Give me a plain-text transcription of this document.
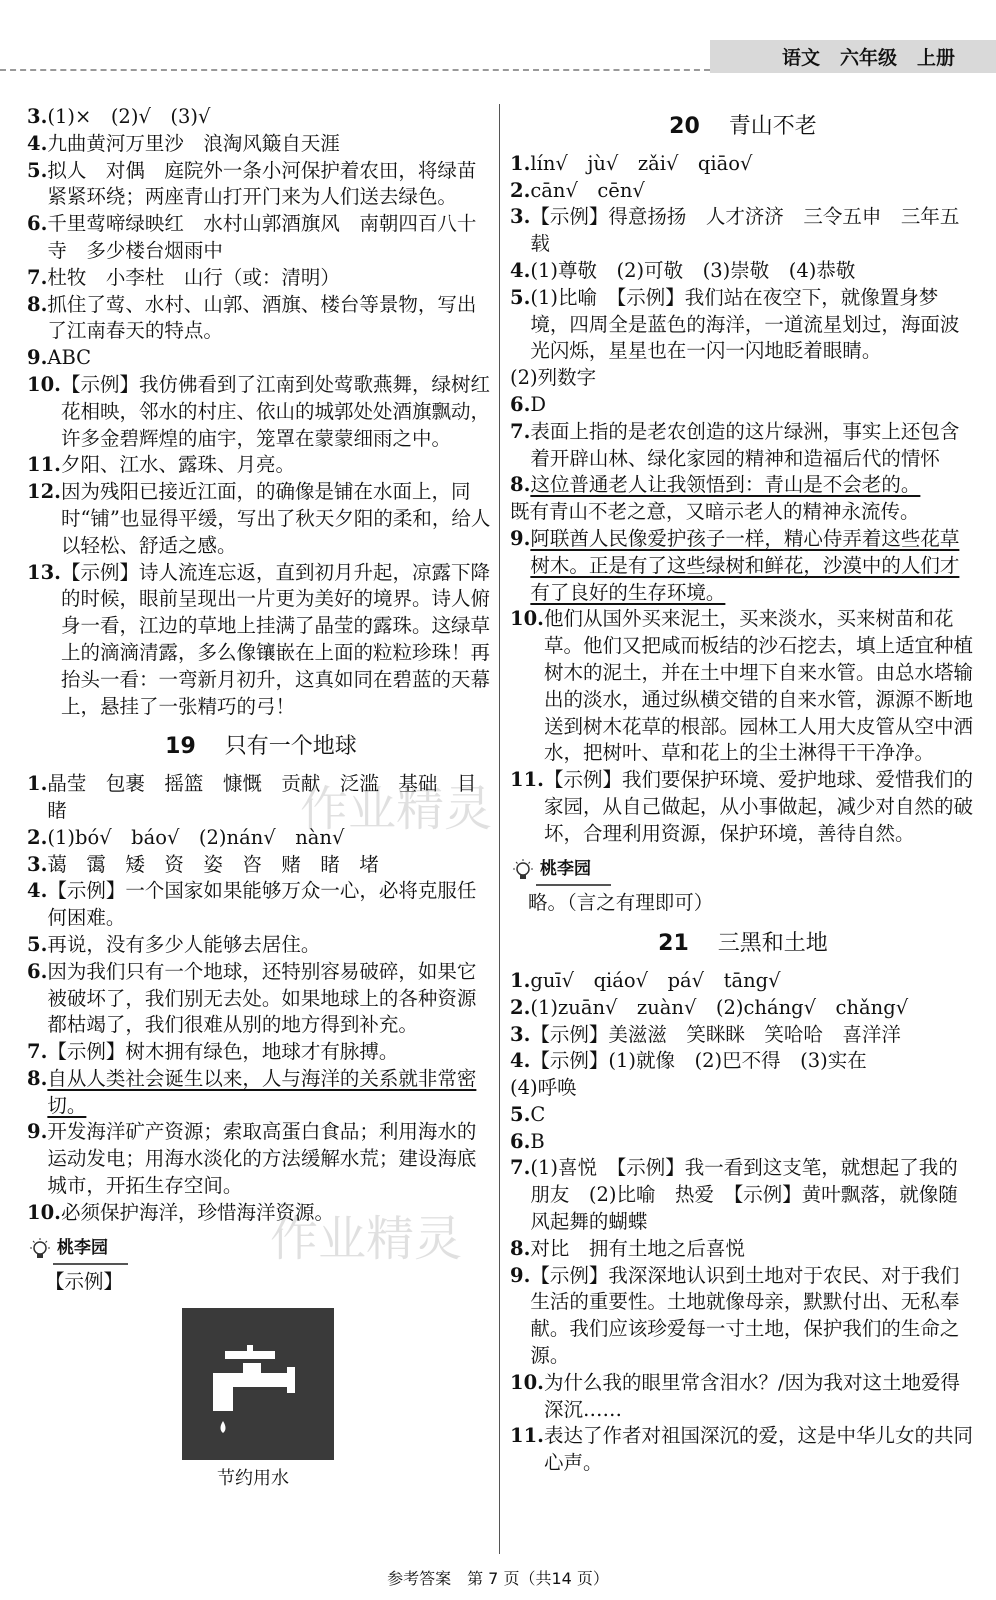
语文 六年级 上册
3. (1)×　(2)√　(3)√
4. 九曲黄河万里沙　浪淘风簸自天涯
5. 拟人　对偶　庭院外一条小河保护着农田，将绿苗紧紧环绕；两座青山打开门来为人们送去绿色。
6. 千里莺啼绿映红　水村山郭酒旗风　南朝四百八十寺　多少楼台烟雨中
7. 杜牧　小李杜　山行（或：清明）
8. 抓住了莺、水村、山郭、酒旗、楼台等景物，写出了江南春天的特点。
9. ABC
10. 【示例】我仿佛看到了江南到处莺歌燕舞，绿树红花相映，邻水的村庄、依山的城郭处处酒旗飘动，许多金碧辉煌的庙宇，笼罩在蒙蒙细雨之中。
11. 夕阳、江水、露珠、月亮。
12. 因为残阳已接近江面，的确像是铺在水面上，同时“铺”也显得平缓，写出了秋天夕阳的柔和，给人以轻松、舒适之感。
13. 【示例】诗人流连忘返，直到初月升起，凉露下降的时候，眼前呈现出一片更为美好的境界。诗人俯身一看，江边的草地上挂满了晶莹的露珠。这绿草上的滴滴清露，多么像镶嵌在上面的粒粒珍珠！再抬头一看：一弯新月初升，这真如同在碧蓝的天幕上，悬挂了一张精巧的弓！
19 只有一个地球
1. 晶莹　包裹　摇篮　慷慨　贡献　泛滥　基础　目睹
2. (1)bó√　báo√　(2)nán√　nàn√
3. 蔼　霭　矮　资　姿　咨　赌　睹　堵
4. 【示例】一个国家如果能够万众一心，必将克服任何困难。
5. 再说，没有多少人能够去居住。
6. 因为我们只有一个地球，还特别容易破碎，如果它被破坏了，我们别无去处。如果地球上的各种资源都枯竭了，我们很难从别的地方得到补充。
7. 【示例】树木拥有绿色，地球才有脉搏。
8. 自从人类社会诞生以来，人与海洋的关系就非常密切。
9. 开发海洋矿产资源；索取高蛋白食品；利用海水的运动发电；用海水淡化的方法缓解水荒；建设海底城市，开拓生存空间。
10. 必须保护海洋，珍惜海洋资源。
桃李园
【示例】
节约用水
20 青山不老
1. lín√　jù√　zǎi√　qiāo√
2. cān√　cēn√
3. 【示例】得意扬扬　人才济济　三令五申　三年五载
4. (1)尊敬　(2)可敬　(3)崇敬　(4)恭敬
5. (1)比喻　【示例】我们站在夜空下，就像置身梦境，四周全是蓝色的海洋，一道流星划过，海面波光闪烁，星星也在一闪一闪地眨着眼睛。
(2)列数字
6. D
7. 表面上指的是老农创造的这片绿洲，事实上还包含着开辟山林、绿化家园的精神和造福后代的情怀
8. 这位普通老人让我领悟到：青山是不会老的。
既有青山不老之意，又暗示老人的精神永流传。
9. 阿联酋人民像爱护孩子一样，精心侍弄着这些花草树木。正是有了这些绿树和鲜花，沙漠中的人们才有了良好的生存环境。
10. 他们从国外买来泥土，买来淡水，买来树苗和花草。他们又把咸而板结的沙石挖去，填上适宜种植树木的泥土，并在土中埋下自来水管。由总水塔输出的淡水，通过纵横交错的自来水管，源源不断地送到树木花草的根部。园林工人用大皮管从空中洒水，把树叶、草和花上的尘土淋得干干净净。
11. 【示例】我们要保护环境、爱护地球、爱惜我们的家园，从自己做起，从小事做起，减少对自然的破坏，合理利用资源，保护环境，善待自然。
桃李园
略。（言之有理即可）
21 三黑和土地
1. guī√　qiáo√　pá√　tāng√
2. (1)zuān√　zuàn√　(2)cháng√　chǎng√
3. 【示例】美滋滋　笑眯眯　笑哈哈　喜洋洋
4. 【示例】(1)就像　(2)巴不得　(3)实在
(4)呼唤
5. C
6. B
7. (1)喜悦　【示例】我一看到这支笔，就想起了我的朋友　(2)比喻　热爱　【示例】黄叶飘落，就像随风起舞的蝴蝶
8. 对比　拥有土地之后喜悦
9. 【示例】我深深地认识到土地对于农民、对于我们生活的重要性。土地就像母亲，默默付出、无私奉献。我们应该珍爱每一寸土地，保护我们的生命之源。
10. 为什么我的眼里常含泪水？/因为我对这土地爱得深沉……
11. 表达了作者对祖国深沉的爱，这是中华儿女的共同心声。
作业精灵
作业精灵
参考答案　第 7 页（共14 页）
